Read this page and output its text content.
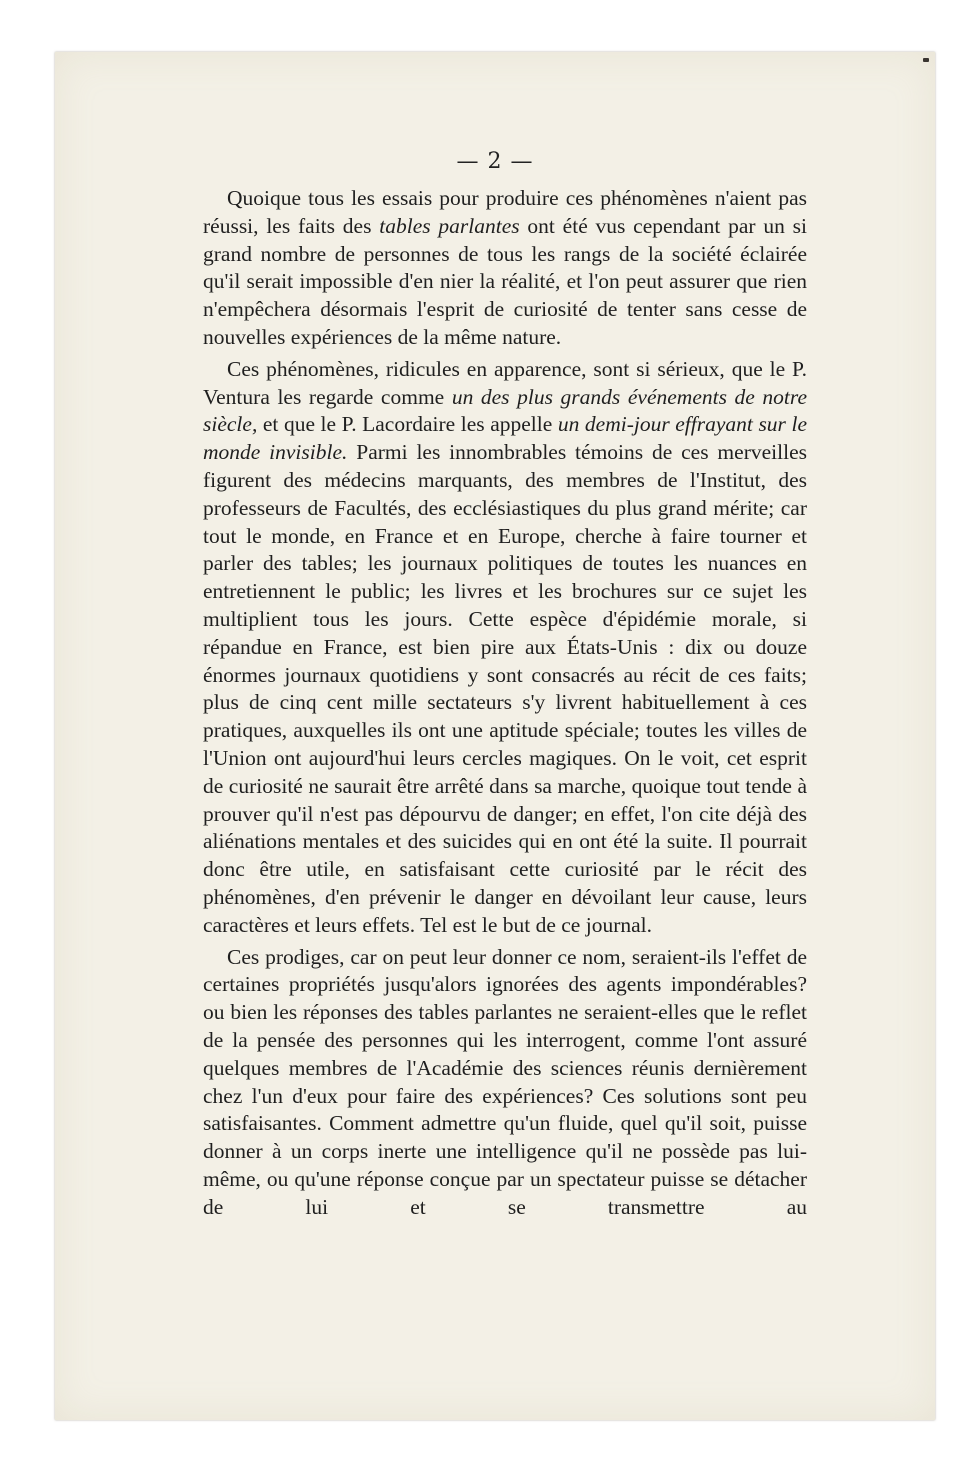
— 2 —

Quoique tous les essais pour produire ces phénomènes n'aient pas réussi, les faits des tables parlantes ont été vus cependant par un si grand nombre de personnes de tous les rangs de la société éclairée qu'il serait impossible d'en nier la réalité, et l'on peut assurer que rien n'empêchera désormais l'esprit de curiosité de tenter sans cesse de nouvelles expériences de la même nature.

Ces phénomènes, ridicules en apparence, sont si sérieux, que le P. Ventura les regarde comme un des plus grands événements de notre siècle, et que le P. Lacordaire les appelle un demi-jour effrayant sur le monde invisible. Parmi les innombrables témoins de ces merveilles figurent des médecins marquants, des membres de l'Institut, des professeurs de Facultés, des ecclésiastiques du plus grand mérite; car tout le monde, en France et en Europe, cherche à faire tourner et parler des tables; les journaux politiques de toutes les nuances en entretiennent le public; les livres et les brochures sur ce sujet les multiplient tous les jours. Cette espèce d'épidémie morale, si répandue en France, est bien pire aux États-Unis : dix ou douze énormes journaux quotidiens y sont consacrés au récit de ces faits; plus de cinq cent mille sectateurs s'y livrent habituellement à ces pratiques, auxquelles ils ont une aptitude spéciale; toutes les villes de l'Union ont aujourd'hui leurs cercles magiques. On le voit, cet esprit de curiosité ne saurait être arrêté dans sa marche, quoique tout tende à prouver qu'il n'est pas dépourvu de danger; en effet, l'on cite déjà des aliénations mentales et des suicides qui en ont été la suite. Il pourrait donc être utile, en satisfaisant cette curiosité par le récit des phénomènes, d'en prévenir le danger en dévoilant leur cause, leurs caractères et leurs effets. Tel est le but de ce journal.

Ces prodiges, car on peut leur donner ce nom, seraient-ils l'effet de certaines propriétés jusqu'alors ignorées des agents impondérables? ou bien les réponses des tables parlantes ne seraient-elles que le reflet de la pensée des personnes qui les interrogent, comme l'ont assuré quelques membres de l'Académie des sciences réunis dernièrement chez l'un d'eux pour faire des expériences? Ces solutions sont peu satisfaisantes. Comment admettre qu'un fluide, quel qu'il soit, puisse donner à un corps inerte une intelligence qu'il ne possède pas lui-même, ou qu'une réponse conçue par un spectateur puisse se détacher de lui et se transmettre au
